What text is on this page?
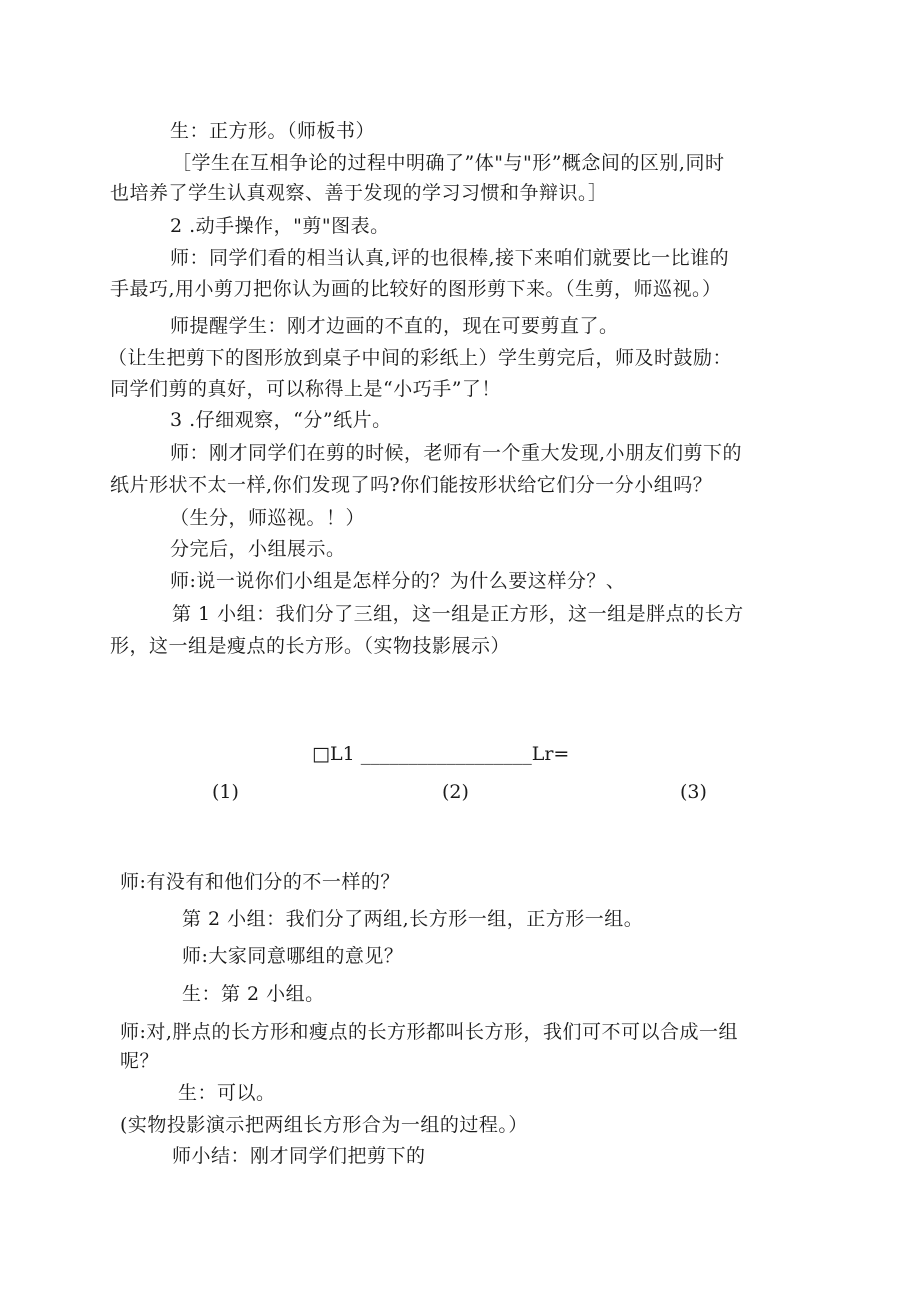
生：正方形。（师板书）
［学生在互相争论的过程中明确了”体"与"形”概念间的区别,同时
也培养了学生认真观察、善于发现的学习习惯和争辩识。］
2 .动手操作，"剪"图表。
师：同学们看的相当认真,评的也很棒,接下来咱们就要比一比谁的
手最巧,用小剪刀把你认为画的比较好的图形剪下来。（生剪，师巡视。）
师提醒学生：刚才边画的不直的，现在可要剪直了。
（让生把剪下的图形放到桌子中间的彩纸上）学生剪完后，师及时鼓励：
同学们剪的真好，可以称得上是“小巧手”了！
3 .仔细观察，“分”纸片。
师：刚才同学们在剪的时候，老师有一个重大发现,小朋友们剪下的
纸片形状不太一样,你们发现了吗?你们能按形状给它们分一分小组吗？
（生分，师巡视。！）
分完后，小组展示。
师:说一说你们小组是怎样分的？为什么要这样分？、
第 1 小组：我们分了三组，这一组是正方形，这一组是胖点的长方
形，这一组是瘦点的长方形。（实物技影展示）
□L1 __________________Lr=
(1)	(2)	(3)
师:有没有和他们分的不一样的？
第 2 小组：我们分了两组,长方形一组，正方形一组。
师:大家同意哪组的意见？
生：第 2 小组。
师:对,胖点的长方形和瘦点的长方形都叫长方形，我们可不可以合成一组
呢？
生：可以。
(实物投影演示把两组长方形合为一组的过程。）
师小结：刚才同学们把剪下的
